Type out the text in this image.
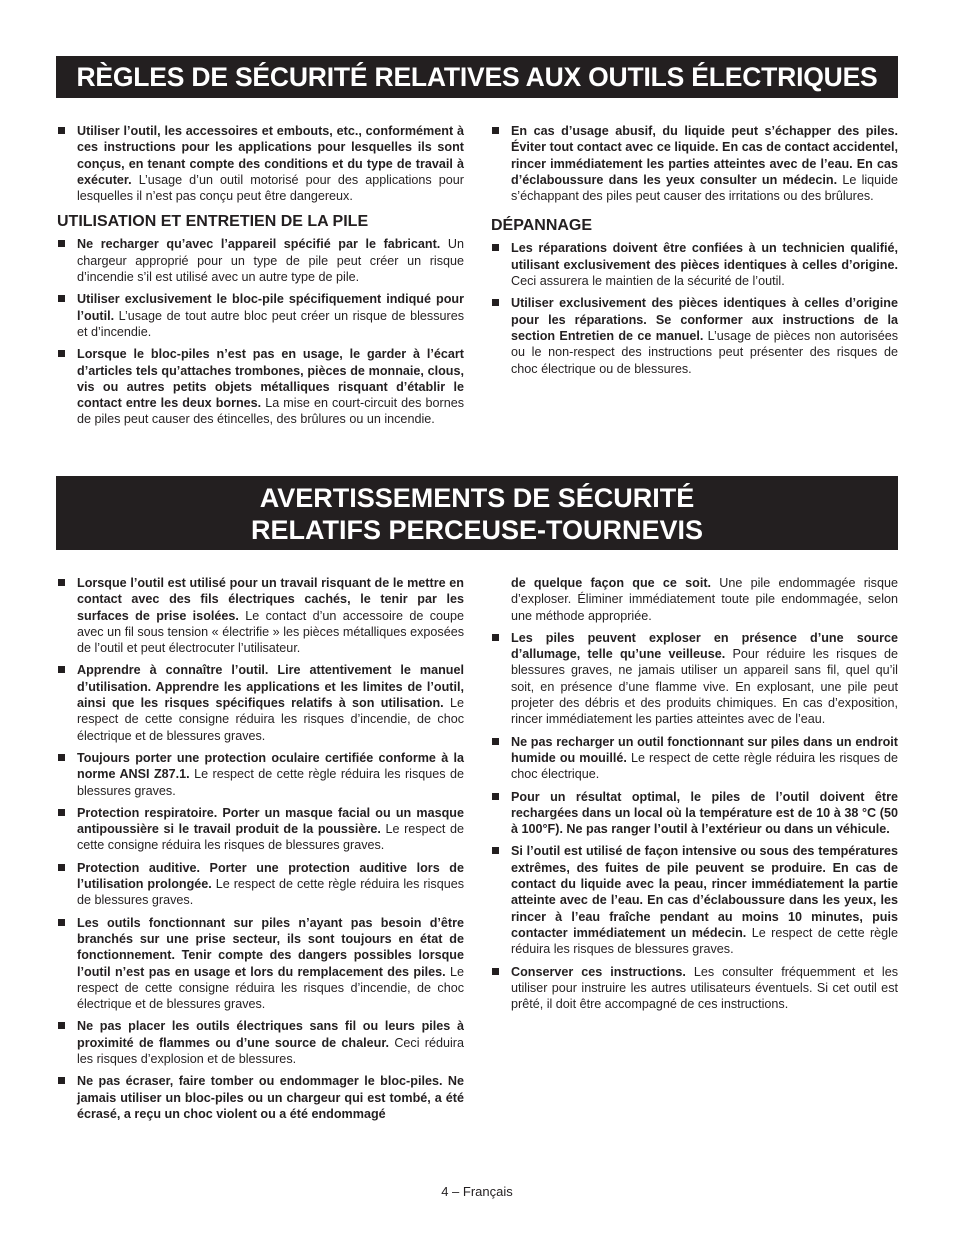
RÈGLES DE SÉCURITÉ RELATIVES AUX OUTILS ÉLECTRIQUES
Utiliser l’outil, les accessoires et embouts, etc., conformément à ces instructions pour les applications pour lesquelles ils sont conçus, en tenant compte des conditions et du type de travail à exécuter. L’usage d’un outil motorisé pour des applications pour lesquelles il n’est pas conçu peut être dangereux.
UTILISATION ET ENTRETIEN DE LA PILE
Ne recharger qu’avec l’appareil spécifié par le fabricant. Un chargeur approprié pour un type de pile peut créer un risque d’incendie s’il est utilisé avec un autre type de pile.
Utiliser exclusivement le bloc-pile spécifiquement indiqué pour l’outil. L’usage de tout autre bloc peut créer un risque de blessures et d’incendie.
Lorsque le bloc-piles n’est pas en usage, le garder à l’écart d’articles tels qu’attaches trombones, pièces de monnaie, clous, vis ou autres petits objets métalliques risquant d’établir le contact entre les deux bornes. La mise en court-circuit des bornes de piles peut causer des étincelles, des brûlures ou un incendie.
En cas d’usage abusif, du liquide peut s’échapper des piles. Éviter tout contact avec ce liquide. En cas de contact accidentel, rincer immédiatement les parties atteintes avec de l’eau. En cas d’éclaboussure dans les yeux consulter un médecin. Le liquide s’échappant des piles peut causer des irritations ou des brûlures.
DÉPANNAGE
Les réparations doivent être confiées à un technicien qualifié, utilisant exclusivement des pièces identiques à celles d’origine. Ceci assurera le maintien de la sécurité de l’outil.
Utiliser exclusivement des pièces identiques à celles d’origine pour les réparations. Se conformer aux instructions de la section Entretien de ce manuel. L’usage de pièces non autorisées ou le non-respect des instructions peut présenter des risques de choc électrique ou de blessures.
AVERTISSEMENTS DE SÉCURITÉ
RELATIFS PERCEUSE-TOURNEVIS
Lorsque l’outil est utilisé pour un travail risquant de le mettre en contact avec des fils électriques cachés, le tenir par les surfaces de prise isolées. Le contact d’un accessoire de coupe avec un fil sous tension « électrifie » les pièces métalliques exposées de l’outil et peut électrocuter l’utilisateur.
Apprendre à connaître l’outil. Lire attentivement le manuel d’utilisation. Apprendre les applications et les limites de l’outil, ainsi que les risques spécifiques relatifs à son utilisation. Le respect de cette consigne réduira les risques d’incendie, de choc électrique et de blessures graves.
Toujours porter une protection oculaire certifiée conforme à la norme ANSI Z87.1. Le respect de cette règle réduira les risques de blessures graves.
Protection respiratoire. Porter un masque facial ou un masque antipoussière si le travail produit de la poussière. Le respect de cette consigne réduira les risques de blessures graves.
Protection auditive. Porter une protection auditive lors de l’utilisation prolongée. Le respect de cette règle réduira les risques de blessures graves.
Les outils fonctionnant sur piles n’ayant pas besoin d’être branchés sur une prise secteur, ils sont toujours en état de fonctionnement. Tenir compte des dangers possibles lorsque l’outil n’est pas en usage et lors du remplacement des piles. Le respect de cette consigne réduira les risques d’incendie, de choc électrique et de blessures graves.
Ne pas placer les outils électriques sans fil ou leurs piles à proximité de flammes ou d’une source de chaleur. Ceci réduira les risques d’explosion et de blessures.
Ne pas écraser, faire tomber ou endommager le bloc-piles. Ne jamais utiliser un bloc-piles ou un chargeur qui est tombé, a été écrasé, a reçu un choc violent ou a été endommagé
de quelque façon que ce soit. Une pile endommagée risque d’exploser. Éliminer immédiatement toute pile endommagée, selon une méthode appropriée.
Les piles peuvent exploser en présence d’une source d’allumage, telle qu’une veilleuse. Pour réduire les risques de blessures graves, ne jamais utiliser un appareil sans fil, quel qu’il soit, en présence d’une flamme vive. En explosant, une pile peut projeter des débris et des produits chimiques. En cas d’exposition, rincer immédiatement les parties atteintes avec de l’eau.
Ne pas recharger un outil fonctionnant sur piles dans un endroit humide ou mouillé. Le respect de cette règle réduira les risques de choc électrique.
Pour un résultat optimal, le piles de l’outil doivent être rechargées dans un local où la température est de 10 à 38 °C (50 à 100°F). Ne pas ranger l’outil à l’extérieur ou dans un véhicule.
Si l’outil est utilisé de façon intensive ou sous des températures extrêmes, des fuites de pile peuvent se produire. En cas de contact du liquide avec la peau, rincer immédiatement la partie atteinte avec de l’eau. En cas d’éclaboussure dans les yeux, les rincer à l’eau fraîche pendant au moins 10 minutes, puis contacter immédiatement un médecin. Le respect de cette règle réduira les risques de blessures graves.
Conserver ces instructions. Les consulter fréquemment et les utiliser pour instruire les autres utilisateurs éventuels. Si cet outil est prêté, il doit être accompagné de ces instructions.
4 – Français
